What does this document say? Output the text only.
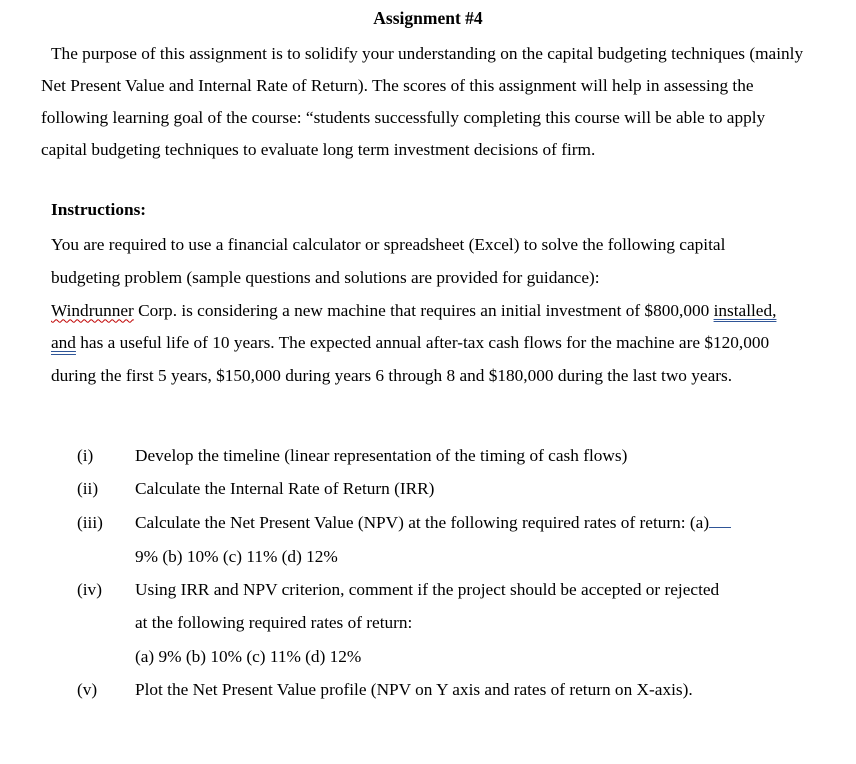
Assignment #4

The purpose of this assignment is to solidify your understanding on the capital budgeting techniques (mainly Net Present Value and Internal Rate of Return). The scores of this assignment will help in assessing the following learning goal of the course: “students successfully completing this course will be able to apply capital budgeting techniques to evaluate long term investment decisions of firm.

Instructions:

You are required to use a financial calculator or spreadsheet (Excel) to solve the following capital budgeting problem (sample questions and solutions are provided for guidance):
Windrunner Corp. is considering a new machine that requires an initial investment of $800,000 installed, and has a useful life of 10 years. The expected annual after-tax cash flows for the machine are $120,000 during the first 5 years, $150,000 during years 6 through 8 and $180,000 during the last two years.

(i) Develop the timeline (linear representation of the timing of cash flows)
(ii) Calculate the Internal Rate of Return (IRR)
(iii) Calculate the Net Present Value (NPV) at the following required rates of return: (a)
9% (b) 10% (c) 11% (d) 12%
(iv) Using IRR and NPV criterion, comment if the project should be accepted or rejected
at the following required rates of return:
(a) 9% (b) 10% (c) 11% (d) 12%
(v) Plot the Net Present Value profile (NPV on Y axis and rates of return on X-axis).
